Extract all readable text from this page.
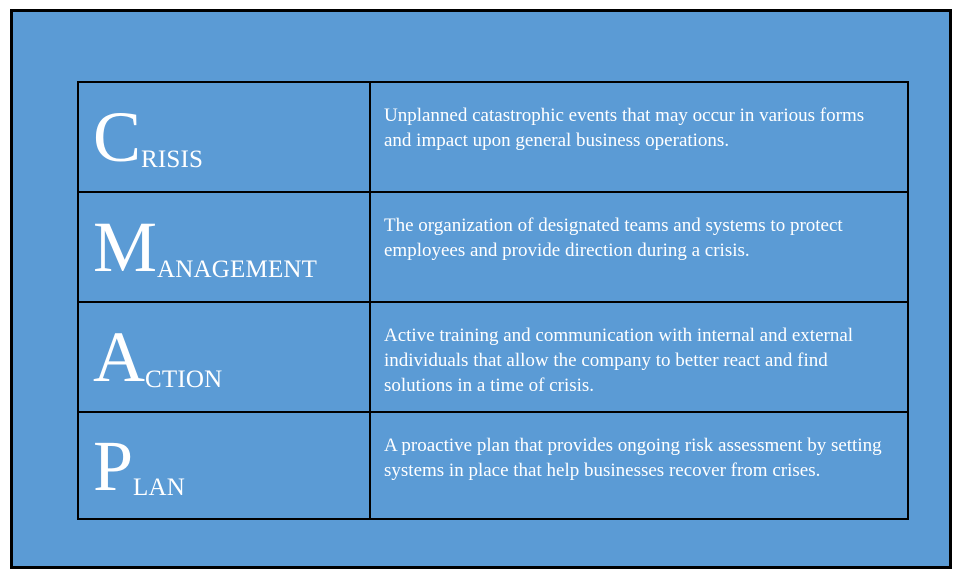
C RISIS
Unplanned catastrophic events that may occur in various forms and impact upon general business operations.
M ANAGEMENT
The organization of designated teams and systems to protect employees and provide direction during a crisis.
A CTION
Active training and communication with internal and external individuals that allow the company to better react and find solutions in a time of crisis.
P LAN
A proactive plan that provides ongoing risk assessment by setting systems in place that help businesses recover from crises.
